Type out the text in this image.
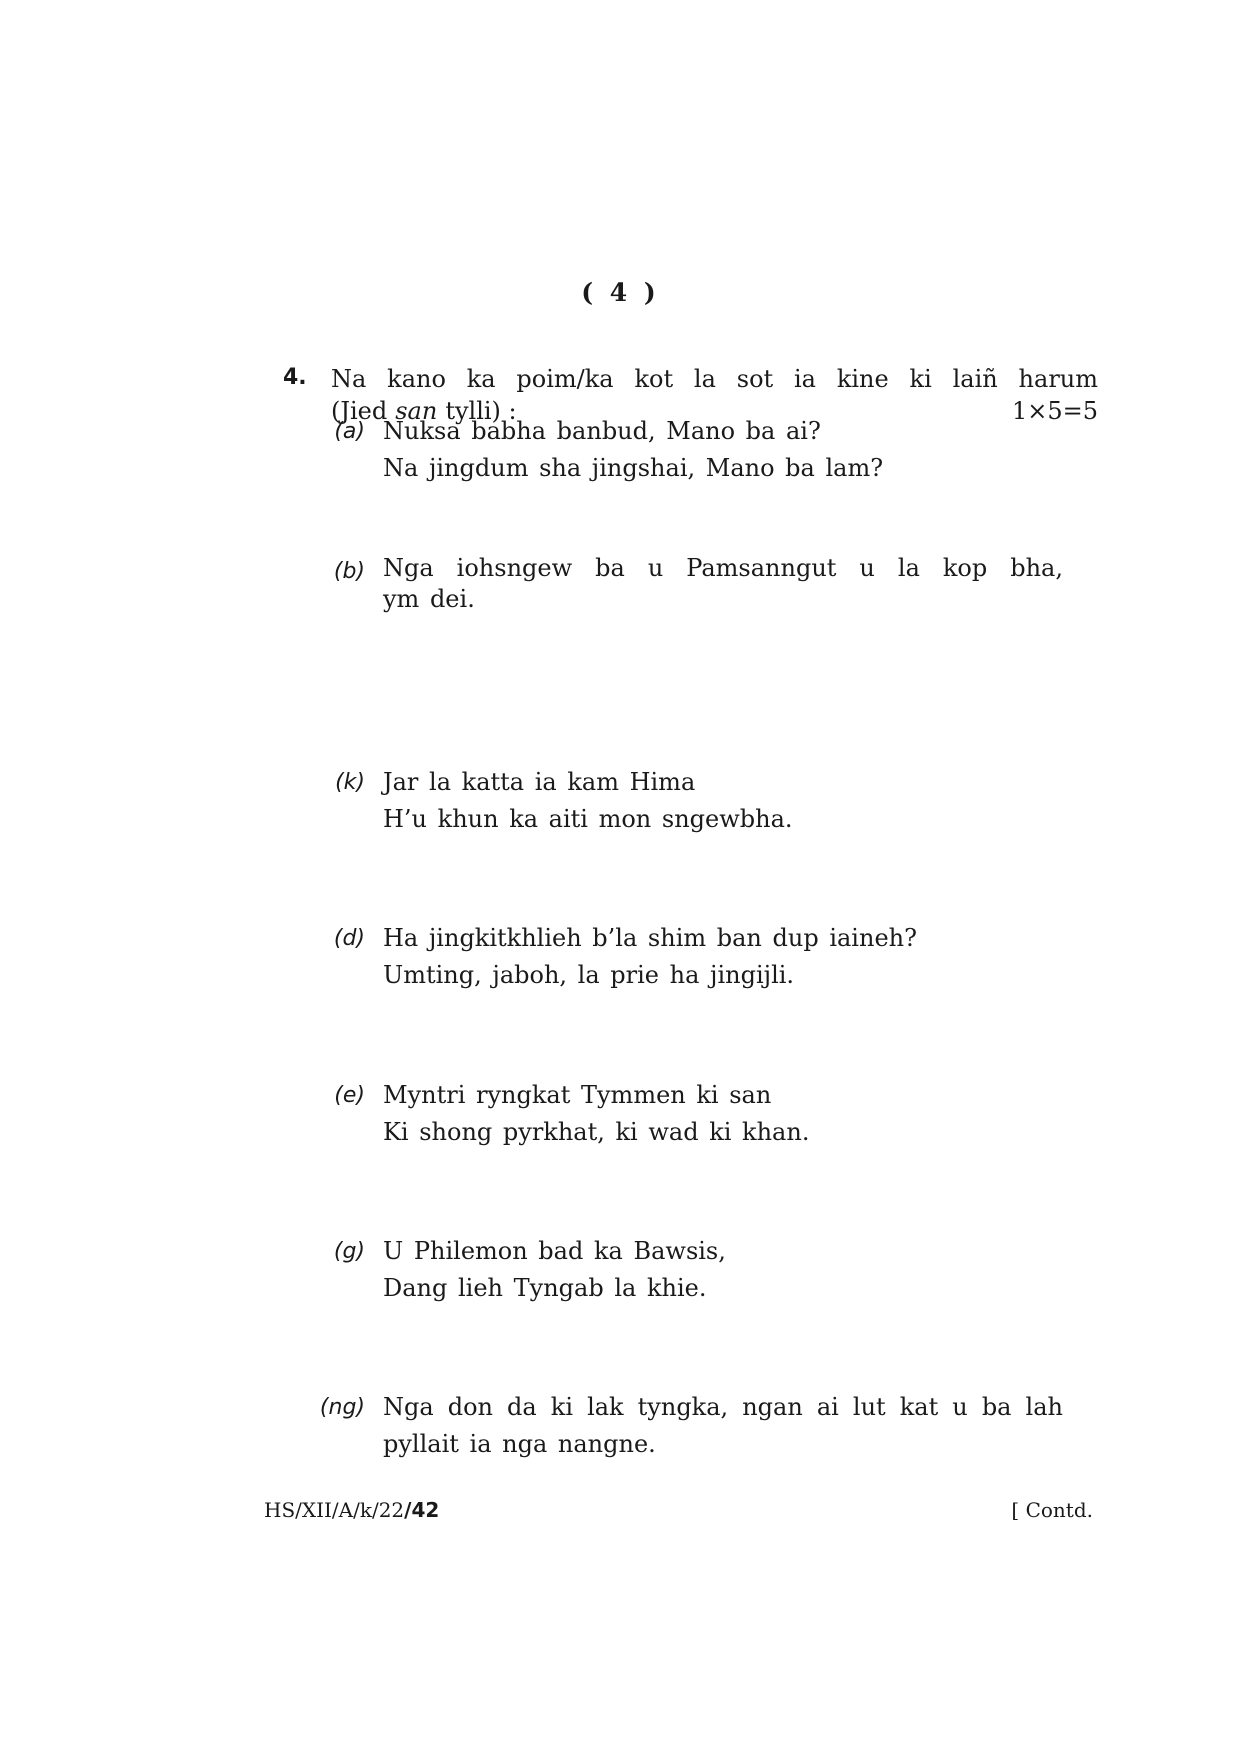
( 4 )
4. Na kano ka poim/ka kot la sot ia kine ki laiñ harum
(Jied san tylli) :	1×5=5
(a) Nuksa babha banbud, Mano ba ai?
Na jingdum sha jingshai, Mano ba lam?
(b) Nga iohsngew ba u Pamsanngut u la kop bha,
ym dei.
(k) Jar la katta ia kam Hima
H’u khun ka aiti mon sngewbha.
(d) Ha jingkitkhlieh b’la shim ban dup iaineh?
Umting, jaboh, la prie ha jingijli.
(e) Myntri ryngkat Tymmen ki san
Ki shong pyrkhat, ki wad ki khan.
(g) U Philemon bad ka Bawsis,
Dang lieh Tyngab la khie.
(ng) Nga don da ki lak tyngka, ngan ai lut kat u ba lah
pyllait ia nga nangne.
HS/XII/A/k/22/42	[ Contd.
